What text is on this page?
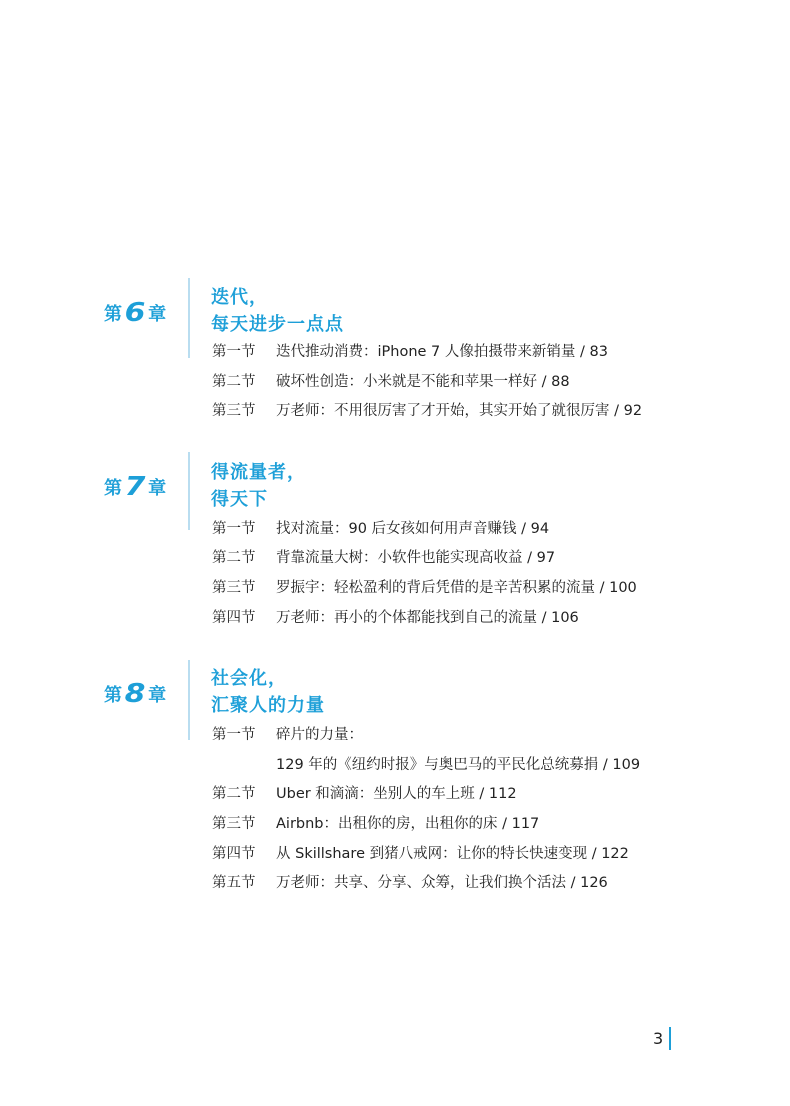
第 6 章
迭代，
每天进步一点点
第一节 迭代推动消费：iPhone 7 人像拍摄带来新销量 / 83
第二节 破坏性创造：小米就是不能和苹果一样好 / 88
第三节 万老师：不用很厉害了才开始，其实开始了就很厉害 / 92
第 7 章
得流量者，
得天下
第一节 找对流量：90 后女孩如何用声音赚钱 / 94
第二节 背靠流量大树：小软件也能实现高收益 / 97
第三节 罗振宇：轻松盈利的背后凭借的是辛苦积累的流量 / 100
第四节 万老师：再小的个体都能找到自己的流量 / 106
第 8 章
社会化，
汇聚人的力量
第一节 碎片的力量：
129 年的《纽约时报》与奥巴马的平民化总统募捐 / 109
第二节 Uber 和滴滴：坐别人的车上班 / 112
第三节 Airbnb：出租你的房，出租你的床 / 117
第四节 从 Skillshare 到猪八戒网：让你的特长快速变现 / 122
第五节 万老师：共享、分享、众筹，让我们换个活法 / 126
3
